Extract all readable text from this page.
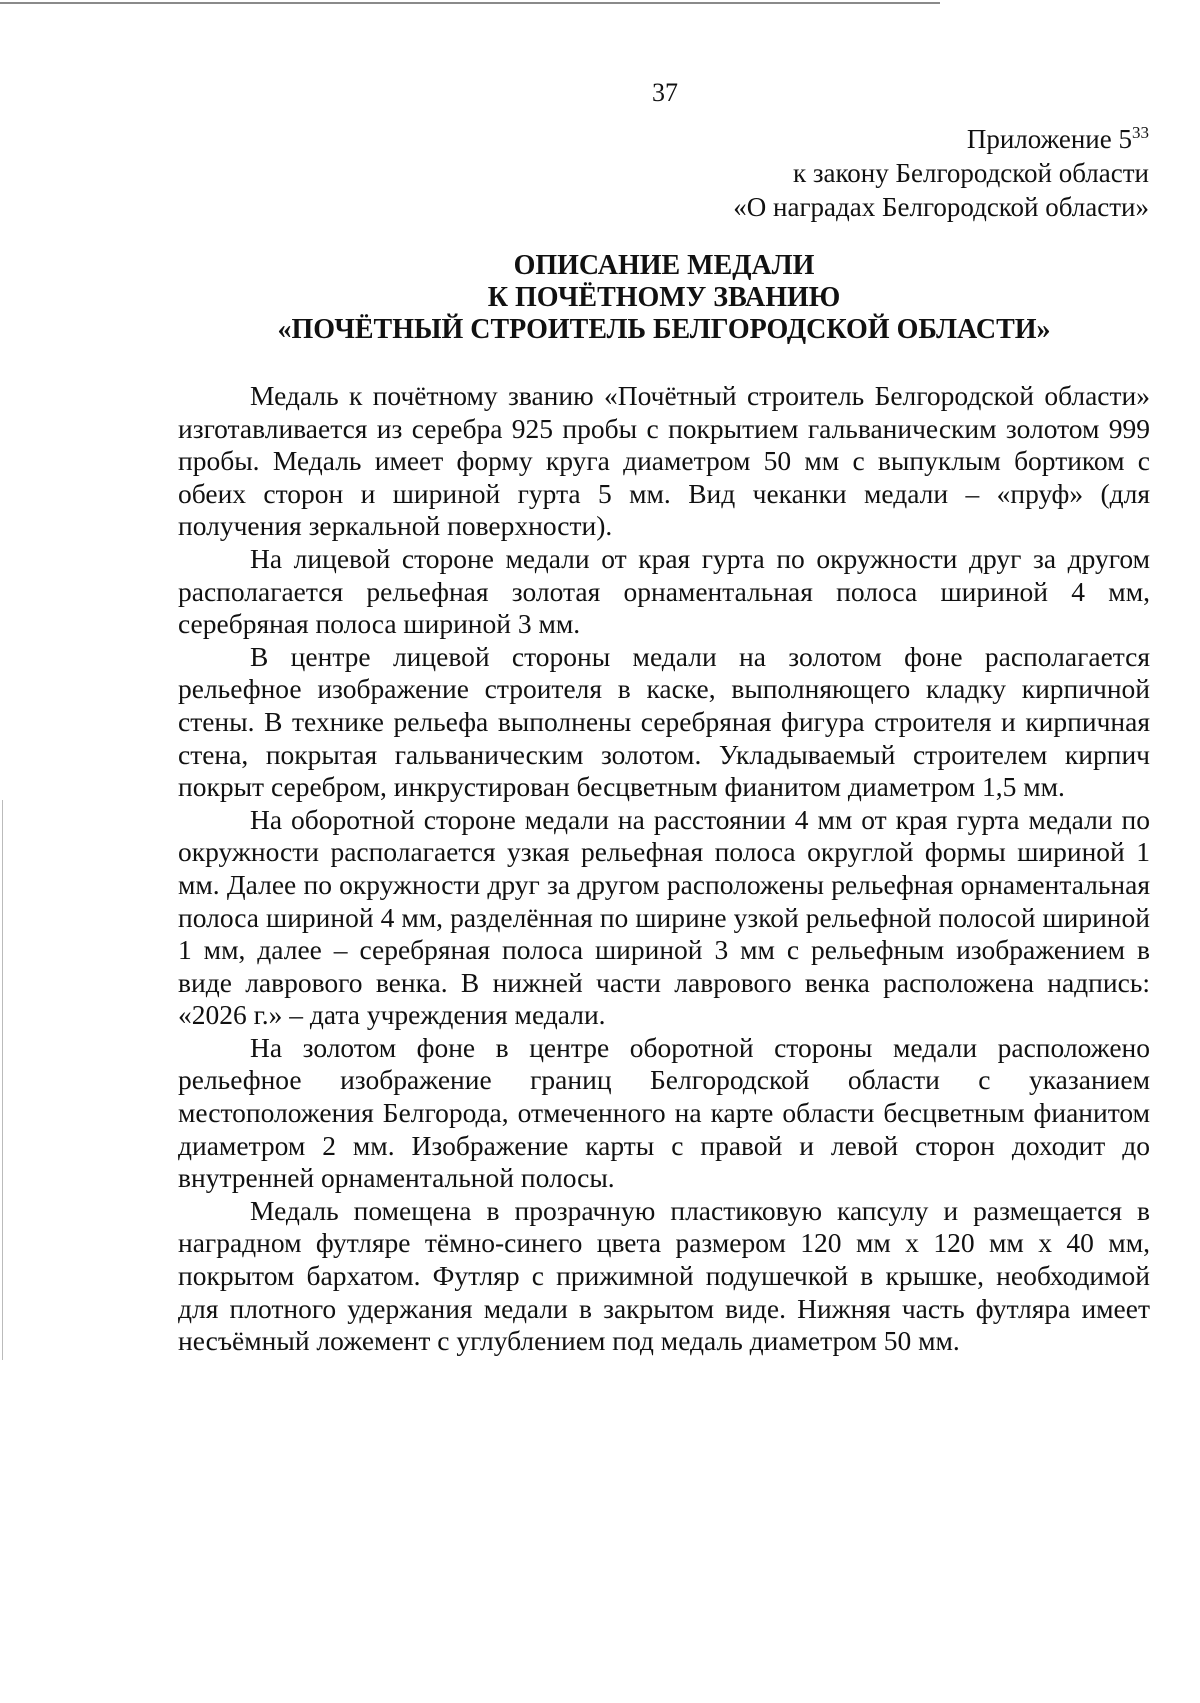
37
Приложение $5^{33}$
к закону Белгородской области
«О наградах Белгородской области»
ОПИСАНИЕ МЕДАЛИ
К ПОЧЁТНОМУ ЗВАНИЮ
«ПОЧЁТНЫЙ СТРОИТЕЛЬ БЕЛГОРОДСКОЙ ОБЛАСТИ»

Медаль к почётному званию «Почётный строитель Белгородской области» изготавливается из серебра 925 пробы с покрытием гальваническим золотом 999 пробы. Медаль имеет форму круга диаметром 50 мм с выпуклым бортиком с обеих сторон и шириной гурта 5 мм. Вид чеканки медали – «пруф» (для получения зеркальной поверхности).

На лицевой стороне медали от края гурта по окружности друг за другом располагается рельефная золотая орнаментальная полоса шириной 4 мм, серебряная полоса шириной 3 мм.

В центре лицевой стороны медали на золотом фоне располагается рельефное изображение строителя в каске, выполняющего кладку кирпичной стены. В технике рельефа выполнены серебряная фигура строителя и кирпичная стена, покрытая гальваническим золотом. Укладываемый строителем кирпич покрыт серебром, инкрустирован бесцветным фианитом диаметром 1,5 мм.

На оборотной стороне медали на расстоянии 4 мм от края гурта медали по окружности располагается узкая рельефная полоса округлой формы шириной 1 мм. Далее по окружности друг за другом расположены рельефная орнаментальная полоса шириной 4 мм, разделённая по ширине узкой рельефной полосой шириной 1 мм, далее – серебряная полоса шириной 3 мм с рельефным изображением в виде лаврового венка. В нижней части лаврового венка расположена надпись: «2026 г.» – дата учреждения медали.

На золотом фоне в центре оборотной стороны медали расположено рельефное изображение границ Белгородской области с указанием местоположения Белгорода, отмеченного на карте области бесцветным фианитом диаметром 2 мм. Изображение карты с правой и левой сторон доходит до внутренней орнаментальной полосы.

Медаль помещена в прозрачную пластиковую капсулу и размещается в наградном футляре тёмно-синего цвета размером 120 мм х 120 мм х 40 мм, покрытом бархатом. Футляр с прижимной подушечкой в крышке, необходимой для плотного удержания медали в закрытом виде. Нижняя часть футляра имеет несъёмный ложемент с углублением под медаль диаметром 50 мм.
